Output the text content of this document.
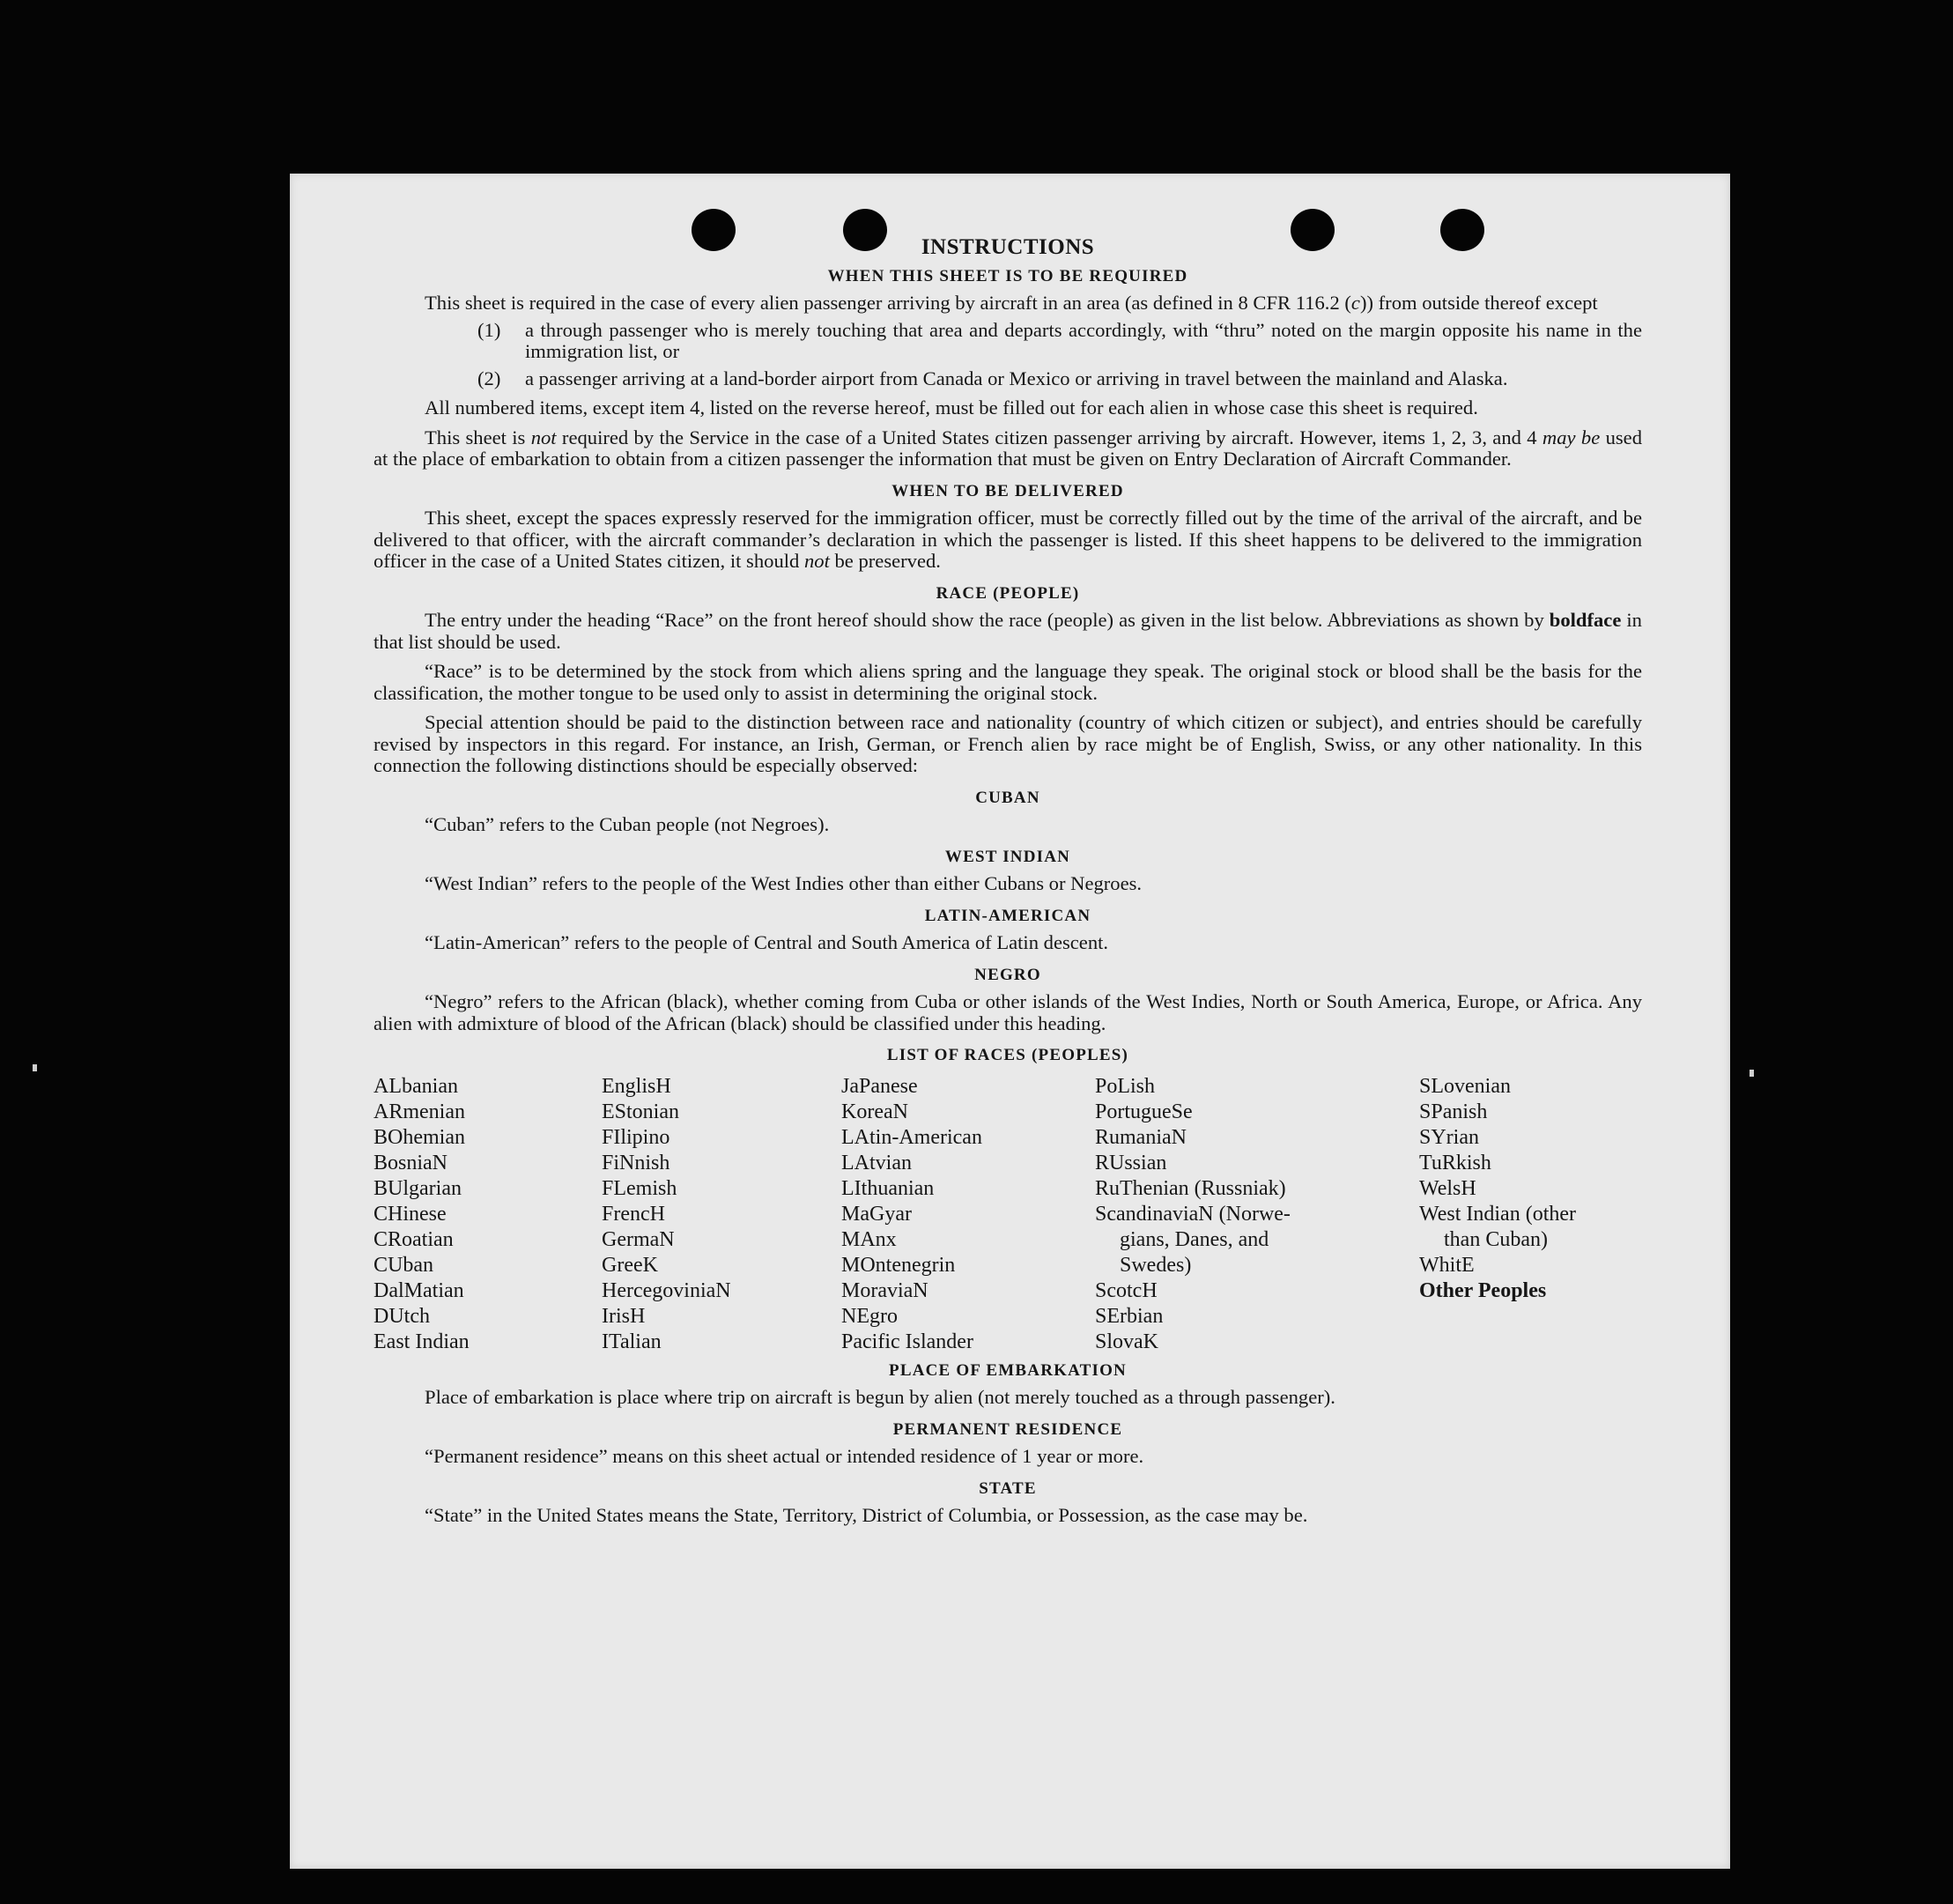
INSTRUCTIONS
WHEN THIS SHEET IS TO BE REQUIRED

This sheet is required in the case of every alien passenger arriving by aircraft in an area (as defined in 8 CFR 116.2 (c)) from outside thereof except

(1)	a through passenger who is merely touching that area and departs accordingly, with “thru” noted on the margin opposite his name in the immigration list, or
(2)	a passenger arriving at a land-border airport from Canada or Mexico or arriving in travel between the mainland and Alaska.

All numbered items, except item 4, listed on the reverse hereof, must be filled out for each alien in whose case this sheet is required.

This sheet is not required by the Service in the case of a United States citizen passenger arriving by aircraft. However, items 1, 2, 3, and 4 may be used at the place of embarkation to obtain from a citizen passenger the information that must be given on Entry Declaration of Aircraft Commander.

WHEN TO BE DELIVERED

This sheet, except the spaces expressly reserved for the immigration officer, must be correctly filled out by the time of the arrival of the aircraft, and be delivered to that officer, with the aircraft commander’s declaration in which the passenger is listed. If this sheet happens to be delivered to the immigration officer in the case of a United States citizen, it should not be preserved.

RACE (PEOPLE)

The entry under the heading “Race” on the front hereof should show the race (people) as given in the list below. Abbreviations as shown by boldface in that list should be used.

“Race” is to be determined by the stock from which aliens spring and the language they speak. The original stock or blood shall be the basis for the classification, the mother tongue to be used only to assist in determining the original stock.

Special attention should be paid to the distinction between race and nationality (country of which citizen or subject), and entries should be carefully revised by inspectors in this regard. For instance, an Irish, German, or French alien by race might be of English, Swiss, or any other nationality. In this connection the following distinctions should be especially observed:

CUBAN

“Cuban” refers to the Cuban people (not Negroes).

WEST INDIAN

“West Indian” refers to the people of the West Indies other than either Cubans or Negroes.

LATIN-AMERICAN

“Latin-American” refers to the people of Central and South America of Latin descent.

NEGRO

“Negro” refers to the African (black), whether coming from Cuba or other islands of the West Indies, North or South America, Europe, or Africa. Any alien with admixture of blood of the African (black) should be classified under this heading.

LIST OF RACES (PEOPLES)
ALbanian	EnglisH	JaPanese	PoLish	SLovenian
ARmenian	EStonian	KoreaN	PortugueSe	SPanish
BOhemian	FIlipino	LAtin-American	RumaniaN	SYrian
BosniaN	FiNnish	LAtvian	RUssian	TuRkish
BUlgarian	FLemish	LIthuanian	RuThenian (Russniak)	WelsH
CHinese	FrencH	MaGyar	ScandinaviaN (Norwe-	West Indian (other
CRoatian	GermaN	MAnx	gians, Danes, and	than Cuban)
CUban	GreeK	MOntenegrin	Swedes)	WhitE
DalMatian	HercegoviniaN	MoraviaN	ScotcH	Other Peoples
DUtch	IrisH	NEgro	SErbian
East Indian	ITalian	Pacific Islander	SlovaK
PLACE OF EMBARKATION

Place of embarkation is place where trip on aircraft is begun by alien (not merely touched as a through passenger).

PERMANENT RESIDENCE

“Permanent residence” means on this sheet actual or intended residence of 1 year or more.

STATE

“State” in the United States means the State, Territory, District of Columbia, or Possession, as the case may be.
